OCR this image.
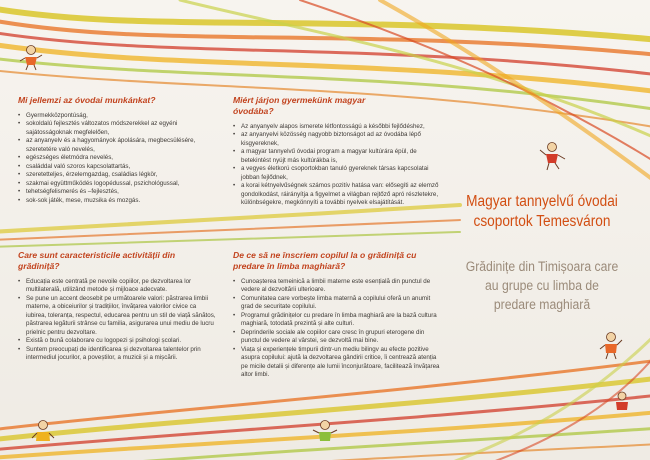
Mi jellemzi az óvodai munkánkat?
• Gyermekközpontúság,
• sokoldalú fejlesztés változatos módszerekkel az egyéni sajátosságoknak megfelelően,
• az anyanyelv és a hagyományok ápolására, megbecsülésére, szeretetére való nevelés,
• egészséges életmódra nevelés,
• családdal való szoros kapcsolattartás,
• szeretetteljes, érzelemgazdag, családias légkör,
• szakmai együttműködés logopédussal, pszichológussal,
• tehetségfelismerés és –fejlesztés,
• sok-sok játék, mese, muzsika és mozgás.
Miért járjon gyermekünk magyar óvodába?
• Az anyanyelv alapos ismerete létfontosságú a későbbi fejlődéshez,
• az anyanyelvi közösség nagyobb biztonságot ad az óvodába lépő kisgyereknek,
• a magyar tannyelvű óvodai program a magyar kultúrára épül, de betekintést nyújt más kultúrákba is,
• a vegyes életkorú csoportokban tanuló gyereknek társas kapcsolatai jobban fejlődnek,
• a korai kétnyelvűségnek számos pozitív hatása van: elősegíti az elemző gondolkodást, ráirányítja a figyelmet a világban rejtőző apró részletekre, különbségekre, megkönnyíti a további nyelvek elsajátítását.
Care sunt caracteristicile activității din grădiniță?
• Educația este centrată pe nevoile copiilor, pe dezvoltarea lor multilaterală, utilizând metode și mijloace adecvate.
• Se pune un accent deosebit pe următoarele valori: păstrarea limbii materne, a obiceiurilor și tradițiilor, învățarea valorilor civice ca iubirea, toleranța, respectul, educarea pentru un stil de viață sănătos, păstrarea legăturii strânse cu familia, asigurarea unui mediu de lucru prielnic pentru dezvoltare.
• Există o bună colaborare cu logopezi și psihologi școlari.
• Suntem preocupați de identificarea și dezvoltarea talentelor prin intermediul jocurilor, a poveștilor, a muzicii și a mișcării.
De ce să ne înscriem copilul la o grădiniță cu predare în limba maghiară?
• Cunoașterea temeinică a limbii materne este esențială din punctul de vedere al dezvoltării ulterioare.
• Comunitatea care vorbește limba maternă a copilului oferă un anumit grad de securitate copilului.
• Programul grădinițelor cu predare în limba maghiară are la bază cultura maghiară, totodată prezintă și alte culturi.
• Deprinderile sociale ale copiilor care cresc în grupuri eterogene din punctul de vedere al vârstei, se dezvoltă mai bine.
• Viața și experiențele timpurii dintr-un mediu bilingv au efecte pozitive asupra copilului: ajută la dezvoltarea gândirii critice, îi centrează atenția pe micile detalii și diferențe ale lumii înconjurătoare, facilitează învățarea altor limbi.
Magyar tannyelvű óvodai csoportok Temesváron
Grădinițe din Timișoara care au grupe cu limba de predare maghiară
